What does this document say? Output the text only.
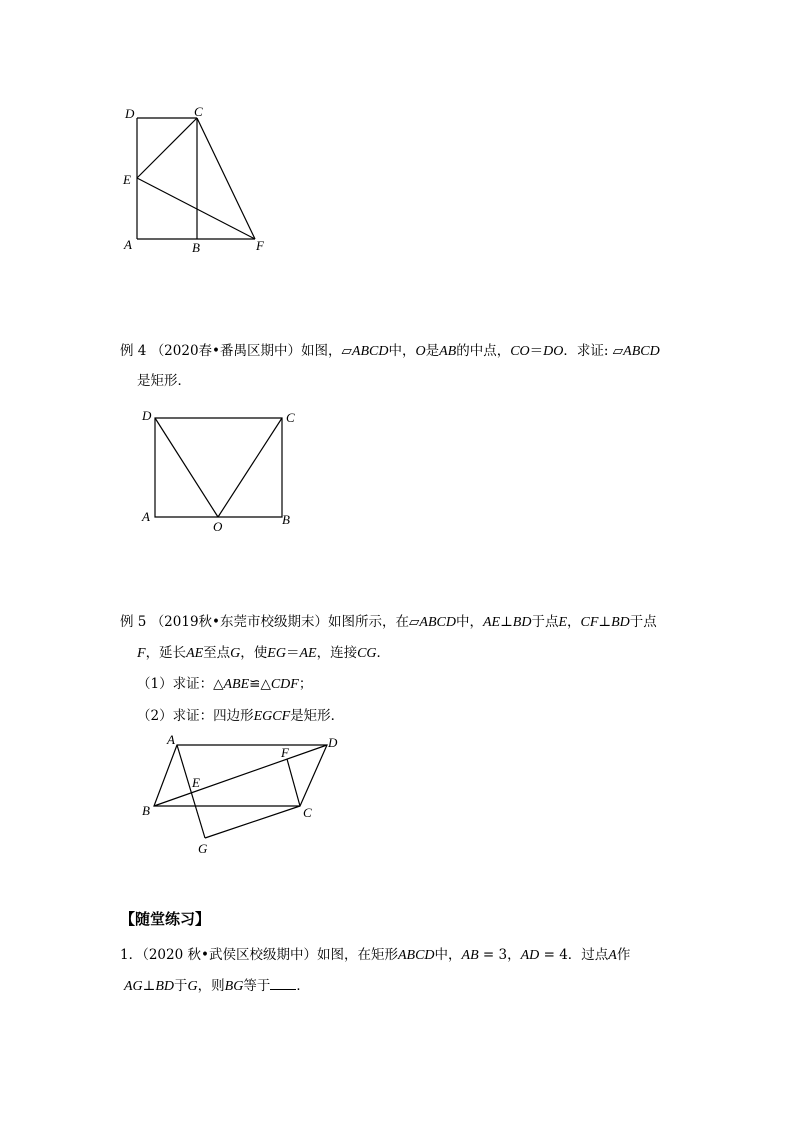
D	C
E
A	B	F
例 4 （2020春•番禺区期中）如图，▱ABCD中，O是AB的中点，CO＝DO．求证: ▱ABCD
是矩形．
D	C
A
O	B
例 5 （2019秋•东莞市校级期末）如图所示，在▱ABCD中，AE⊥BD于点E，CF⊥BD于点
F，延长AE至点G，使EG＝AE，连接CG．
（1）求证：△ABE≌△CDF；
（2）求证：四边形EGCF是矩形．
A	D
F
E
B	C
G
【随堂练习】
1．（2020 秋•武侯区校级期中）如图，在矩形ABCD中，AB = 3，AD = 4．过点A作
AG⊥BD于G，则BG等于 ．
